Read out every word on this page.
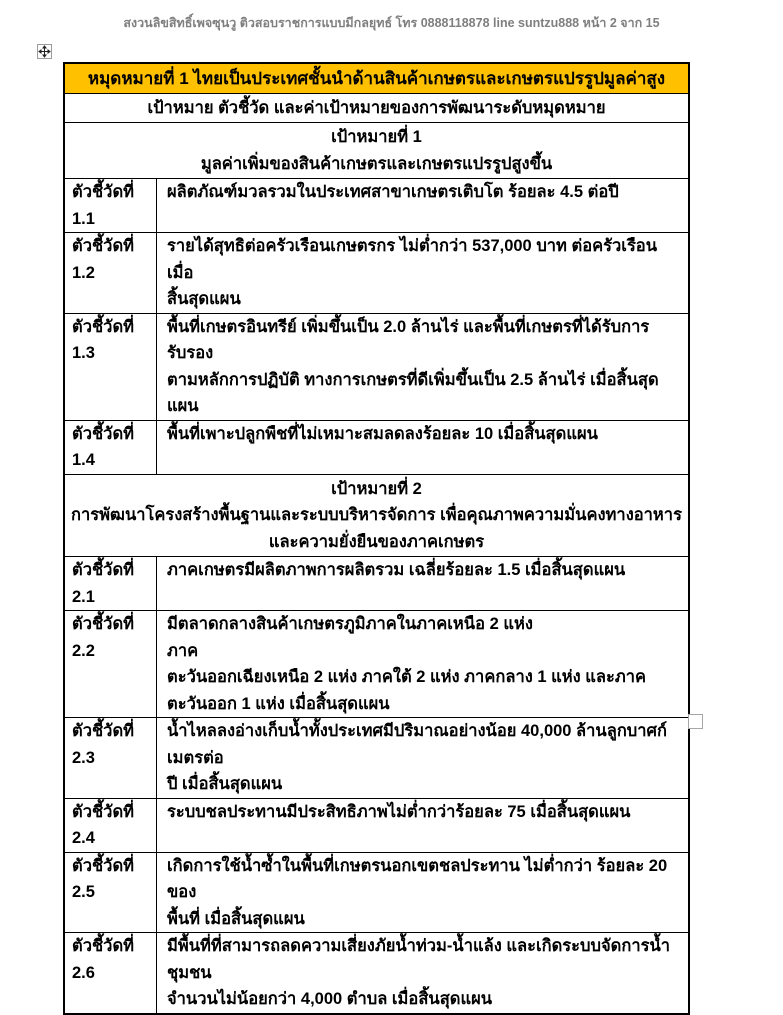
สงวนลิขสิทธิ์เพจซุนวู ติวสอบราชการแบบมีกลยุทธ์ โทร 0888118878 line suntzu888 หน้า 2 จาก 15
หมุดหมายที่ 1 ไทยเป็นประเทศชั้นนำด้านสินค้าเกษตรและเกษตรแปรรูปมูลค่าสูง
เป้าหมาย ตัวชี้วัด และค่าเป้าหมายของการพัฒนาระดับหมุดหมาย
เป้าหมายที่ 1
มูลค่าเพิ่มของสินค้าเกษตรและเกษตรแปรรูปสูงขึ้น
ตัวชี้วัดที่ 1.1
ผลิตภัณฑ์มวลรวมในประเทศสาขาเกษตรเติบโต ร้อยละ 4.5 ต่อปี
ตัวชี้วัดที่ 1.2
รายได้สุทธิต่อครัวเรือนเกษตรกร ไม่ต่ำกว่า 537,000 บาท ต่อครัวเรือนเมื่อ
สิ้นสุดแผน
ตัวชี้วัดที่ 1.3
พื้นที่เกษตรอินทรีย์ เพิ่มขึ้นเป็น 2.0 ล้านไร่ และพื้นที่เกษตรที่ได้รับการรับรอง
ตามหลักการปฏิบัติ ทางการเกษตรที่ดีเพิ่มขึ้นเป็น 2.5 ล้านไร่ เมื่อสิ้นสุดแผน
ตัวชี้วัดที่ 1.4
พื้นที่เพาะปลูกพืชที่ไม่เหมาะสมลดลงร้อยละ 10 เมื่อสิ้นสุดแผน
เป้าหมายที่ 2
การพัฒนาโครงสร้างพื้นฐานและระบบบริหารจัดการ เพื่อคุณภาพความมั่นคงทางอาหาร
และความยั่งยืนของภาคเกษตร
ตัวชี้วัดที่ 2.1
ภาคเกษตรมีผลิตภาพการผลิตรวม เฉลี่ยร้อยละ 1.5 เมื่อสิ้นสุดแผน
ตัวชี้วัดที่ 2.2
มีตลาดกลางสินค้าเกษตรภูมิภาคในภาคเหนือ 2 แห่ง                                ภาค
ตะวันออกเฉียงเหนือ 2 แห่ง ภาคใต้ 2 แห่ง ภาคกลาง 1 แห่ง และภาค
ตะวันออก 1 แห่ง เมื่อสิ้นสุดแผน
ตัวชี้วัดที่ 2.3
น้ำไหลลงอ่างเก็บน้ำทั้งประเทศมีปริมาณอย่างน้อย 40,000 ล้านลูกบาศก์เมตรต่อ
ปี เมื่อสิ้นสุดแผน
ตัวชี้วัดที่ 2.4
ระบบชลประทานมีประสิทธิภาพไม่ต่ำกว่าร้อยละ 75 เมื่อสิ้นสุดแผน
ตัวชี้วัดที่ 2.5
เกิดการใช้น้ำซ้ำในพื้นที่เกษตรนอกเขตชลประทาน ไม่ต่ำกว่า ร้อยละ 20 ของ
พื้นที่ เมื่อสิ้นสุดแผน
ตัวชี้วัดที่ 2.6
มีพื้นที่ที่สามารถลดความเสี่ยงภัยน้ำท่วม-น้ำแล้ง และเกิดระบบจัดการน้ำชุมชน
จำนวนไม่น้อยกว่า 4,000 ตำบล เมื่อสิ้นสุดแผน
